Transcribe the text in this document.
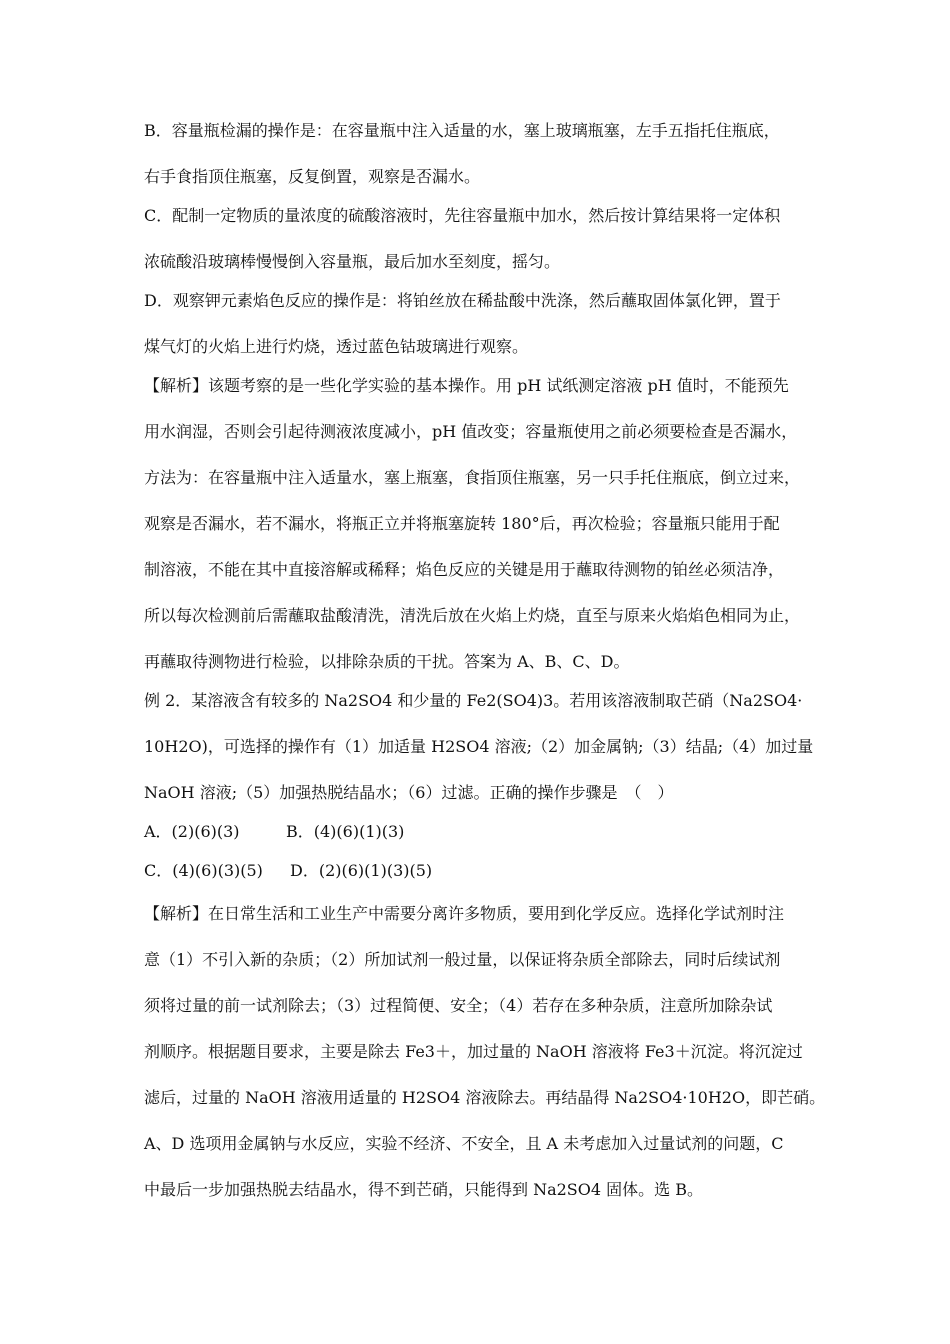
B．容量瓶检漏的操作是：在容量瓶中注入适量的水，塞上玻璃瓶塞，左手五指托住瓶底，
右手食指顶住瓶塞，反复倒置，观察是否漏水。
C．配制一定物质的量浓度的硫酸溶液时，先往容量瓶中加水，然后按计算结果将一定体积
浓硫酸沿玻璃棒慢慢倒入容量瓶，最后加水至刻度，摇匀。
D．观察钾元素焰色反应的操作是：将铂丝放在稀盐酸中洗涤，然后蘸取固体氯化钾，置于
煤气灯的火焰上进行灼烧，透过蓝色钴玻璃进行观察。
【解析】该题考察的是一些化学实验的基本操作。用 pH 试纸测定溶液 pH 值时，不能预先
用水润湿，否则会引起待测液浓度减小，pH 值改变；容量瓶使用之前必须要检查是否漏水，
方法为：在容量瓶中注入适量水，塞上瓶塞，食指顶住瓶塞，另一只手托住瓶底，倒立过来，
观察是否漏水，若不漏水，将瓶正立并将瓶塞旋转 180°后，再次检验；容量瓶只能用于配
制溶液，不能在其中直接溶解或稀释；焰色反应的关键是用于蘸取待测物的铂丝必须洁净，
所以每次检测前后需蘸取盐酸清洗，清洗后放在火焰上灼烧，直至与原来火焰焰色相同为止，
再蘸取待测物进行检验，以排除杂质的干扰。答案为 A、B、C、D。
例 2．某溶液含有较多的 Na2SO4 和少量的 Fe2(SO4)3。若用该溶液制取芒硝（Na2SO4·
10H2O)，可选择的操作有（1）加适量 H2SO4 溶液;（2）加金属钠;（3）结晶;（4）加过量
NaOH 溶液;（5）加强热脱结晶水；（6）过滤。正确的操作步骤是　（　）
A．(2)(6)(3)	B．(4)(6)(1)(3)
C．(4)(6)(3)(5) D．(2)(6)(1)(3)(5)
【解析】在日常生活和工业生产中需要分离许多物质，要用到化学反应。选择化学试剂时注
意（1）不引入新的杂质；（2）所加试剂一般过量，以保证将杂质全部除去，同时后续试剂
须将过量的前一试剂除去；（3）过程简便、安全；（4）若存在多种杂质，注意所加除杂试
剂顺序。根据题目要求，主要是除去 Fe3＋，加过量的 NaOH 溶液将 Fe3＋沉淀。将沉淀过
滤后，过量的 NaOH 溶液用适量的 H2SO4 溶液除去。再结晶得 Na2SO4·10H2O，即芒硝。
A、D 选项用金属钠与水反应，实验不经济、不安全，且 A 未考虑加入过量试剂的问题，C
中最后一步加强热脱去结晶水，得不到芒硝，只能得到 Na2SO4 固体。选 B。
